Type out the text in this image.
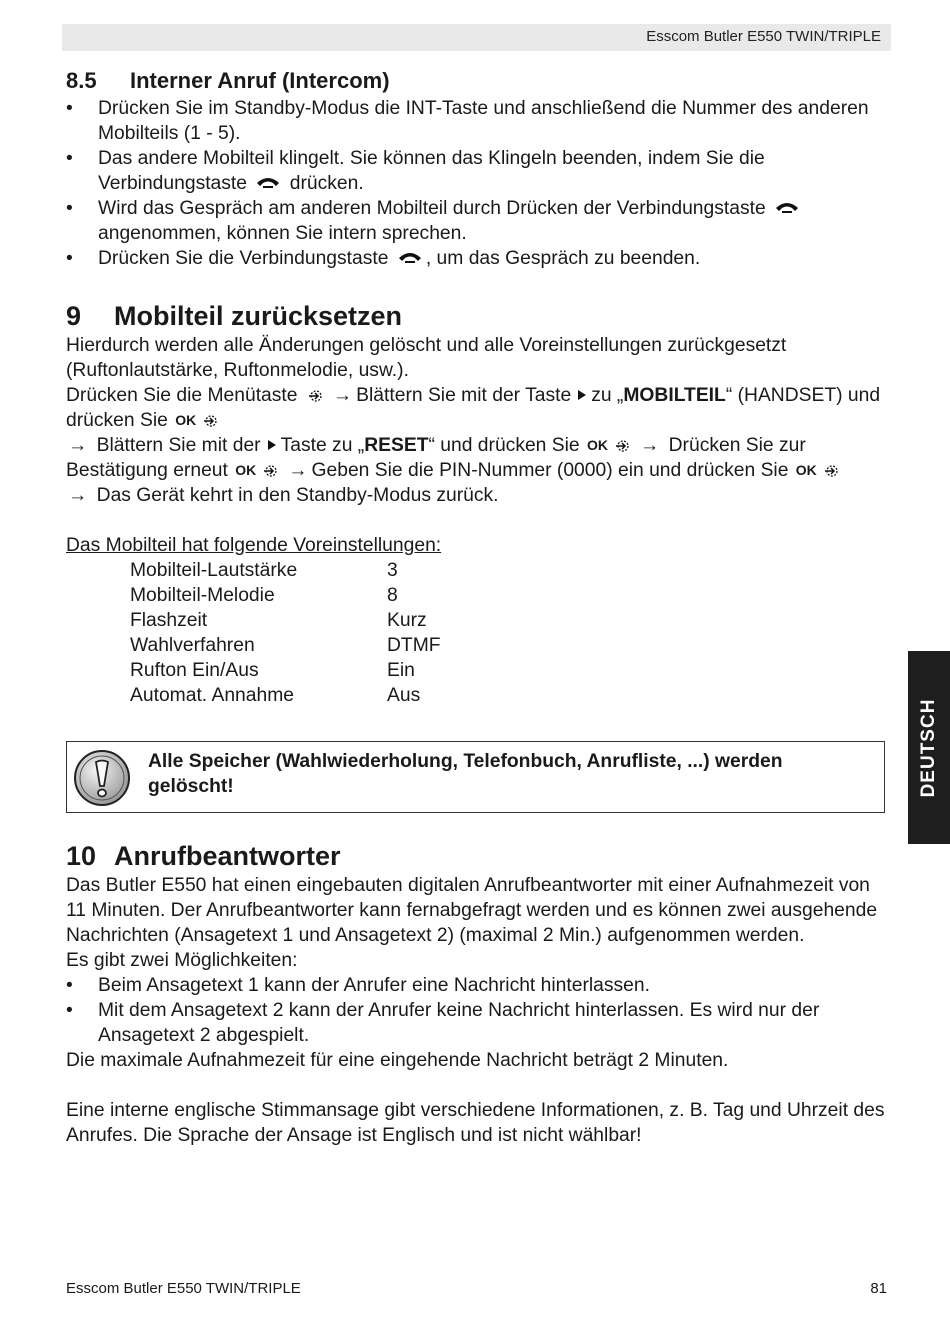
Esscom Butler E550 TWIN/TRIPLE
8.5 Interner Anruf (Intercom)
• Drücken Sie im Standby-Modus die INT-Taste und anschließend die Nummer des anderen Mobilteils (1 - 5).
• Das andere Mobilteil klingelt. Sie können das Klingeln beenden, indem Sie die Verbindungstaste drücken.
• Wird das Gespräch am anderen Mobilteil durch Drücken der Verbindungstaste  angenommen, können Sie intern sprechen.
• Drücken Sie die Verbindungstaste , um das Gespräch zu beenden.
9 Mobilteil zurücksetzen

Hierdurch werden alle Änderungen gelöscht und alle Voreinstellungen zurückgesetzt (Ruftonlautstärke, Ruftonmelodie, usw.).

Drücken Sie die Menütaste → Blättern Sie mit der Taste zu „MOBILTEIL“ (HANDSET) und drücken Sie OK
→ Blättern Sie mit der Taste zu „RESET“ und drücken Sie OK → Drücken Sie zur Bestätigung erneut OK → Geben Sie die PIN-Nummer (0000) ein und drücken Sie OK
→ Das Gerät kehrt in den Standby-Modus zurück.

Das Mobilteil hat folgende Voreinstellungen:

Mobilteil-Lautstärke	3
Mobilteil-Melodie	8
Flashzeit	Kurz
Wahlverfahren	DTMF
Rufton Ein/Aus	Ein
Automat. Annahme	Aus
Alle Speicher (Wahlwiederholung, Telefonbuch, Anrufliste, ...) werden gelöscht!
10 Anrufbeantworter

Das Butler E550 hat einen eingebauten digitalen Anrufbeantworter mit einer Aufnahmezeit von 11 Minuten. Der Anrufbeantworter kann fernabgefragt werden und es können zwei ausgehende Nachrichten (Ansagetext 1 und Ansagetext 2) (maximal 2 Min.) aufgenommen werden.

Es gibt zwei Möglichkeiten:

• Beim Ansagetext 1 kann der Anrufer eine Nachricht hinterlassen.
• Mit dem Ansagetext 2 kann der Anrufer keine Nachricht hinterlassen. Es wird nur der Ansagetext 2 abgespielt.

Die maximale Aufnahmezeit für eine eingehende Nachricht beträgt 2 Minuten.

Eine interne englische Stimmansage gibt verschiedene Informationen, z. B. Tag und Uhrzeit des Anrufes. Die Sprache der Ansage ist Englisch und ist nicht wählbar!

DEUTSCH
Esscom Butler E550 TWIN/TRIPLE	81
